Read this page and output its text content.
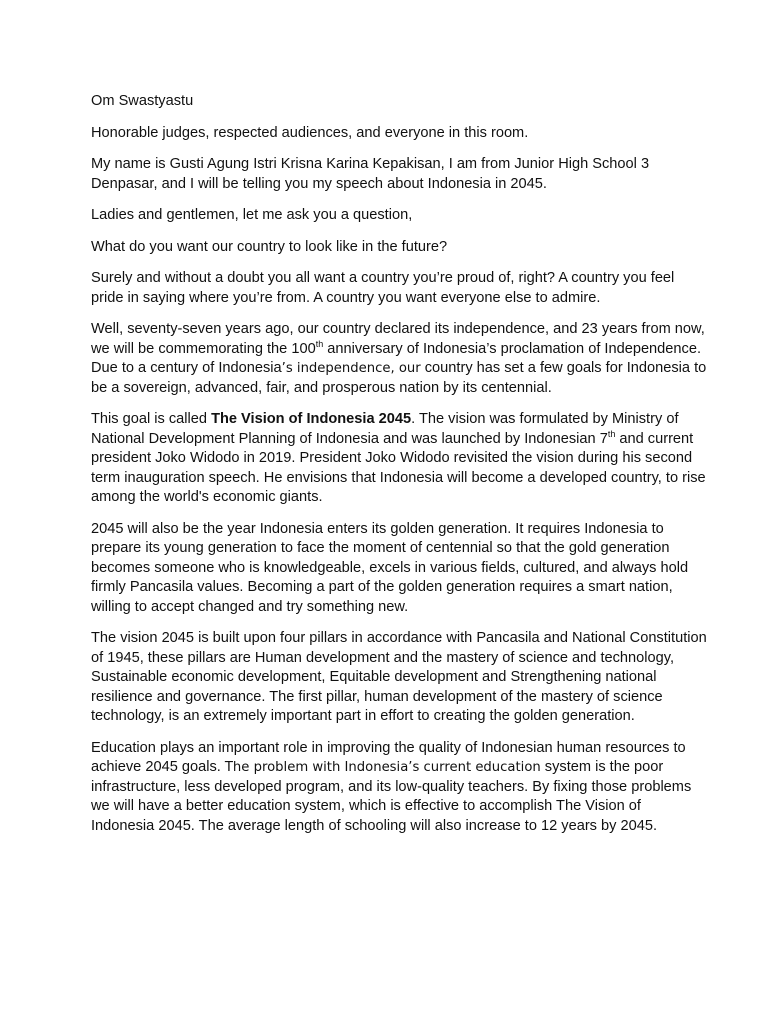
Om Swastyastu

Honorable judges, respected audiences, and everyone in this room.

My name is Gusti Agung Istri Krisna Karina Kepakisan, I am from Junior High School 3 Denpasar, and I will be telling you my speech about Indonesia in 2045.

Ladies and gentlemen, let me ask you a question,

What do you want our country to look like in the future?

Surely and without a doubt you all want a country you’re proud of, right? A country you feel pride in saying where you’re from. A country you want everyone else to admire.

Well, seventy-seven years ago, our country declared its independence, and 23 years from now, we will be commemorating the 100th anniversary of Indonesia’s proclamation of Independence. Due to a century of Indonesia’s independence, our country has set a few goals for Indonesia to be a sovereign, advanced, fair, and prosperous nation by its centennial.

This goal is called The Vision of Indonesia 2045. The vision was formulated by Ministry of National Development Planning of Indonesia and was launched by Indonesian 7th and current president Joko Widodo in 2019. President Joko Widodo revisited the vision during his second term inauguration speech. He envisions that Indonesia will become a developed country, to rise among the world's economic giants.

2045 will also be the year Indonesia enters its golden generation. It requires Indonesia to prepare its young generation to face the moment of centennial so that the gold generation becomes someone who is knowledgeable, excels in various fields, cultured, and always hold firmly Pancasila values. Becoming a part of the golden generation requires a smart nation, willing to accept changed and try something new.

The vision 2045 is built upon four pillars in accordance with Pancasila and National Constitution of 1945, these pillars are Human development and the mastery of science and technology, Sustainable economic development, Equitable development and Strengthening national resilience and governance. The first pillar, human development of the mastery of science technology, is an extremely important part in effort to creating the golden generation.

Education plays an important role in improving the quality of Indonesian human resources to achieve 2045 goals. The problem with Indonesia’s current education system is the poor infrastructure, less developed program, and its low-quality teachers. By fixing those problems we will have a better education system, which is effective to accomplish The Vision of Indonesia 2045. The average length of schooling will also increase to 12 years by 2045.
